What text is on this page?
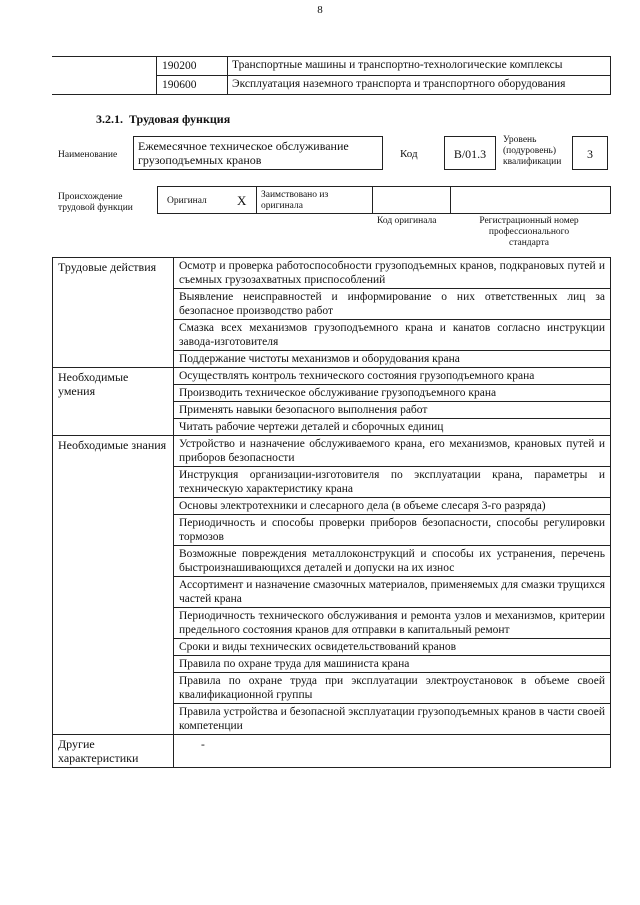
8
	190200	Транспортные машины и транспортно-технологические комплексы
	190600	Эксплуатация наземного транспорта и транспортного оборудования
3.2.1. Трудовая функция
Наименование
Ежемесячное техническое обслуживание грузоподъемных кранов	Код	B/01.3
Уровень (подуровень) квалификации
3
Происхождение трудовой функции
Оригинал X Заимствовано из оригинала
Код оригинала	Регистрационный номер профессионального стандарта
Трудовые действия	Осмотр и проверка работоспособности грузоподъемных кранов, подкрановых путей и съемных грузозахватных приспособлений
	Выявление неисправностей и информирование о них ответственных лиц за безопасное производство работ
	Смазка всех механизмов грузоподъемного крана и канатов согласно инструкции завода-изготовителя
	Поддержание чистоты механизмов и оборудования крана
Необходимые умения	Осуществлять контроль технического состояния грузоподъемного крана
	Производить техническое обслуживание грузоподъемного крана
	Применять навыки безопасного выполнения работ
	Читать рабочие чертежи деталей и сборочных единиц
Необходимые знания	Устройство и назначение обслуживаемого крана, его механизмов, крановых путей и приборов безопасности
	Инструкция организации-изготовителя по эксплуатации крана, параметры и техническую характеристику крана
	Основы электротехники и слесарного дела (в объеме слесаря 3-го разряда)
	Периодичность и способы проверки приборов безопасности, способы регулировки тормозов
	Возможные повреждения металлоконструкций и способы их устранения, перечень быстроизнашивающихся деталей и допуски на их износ
	Ассортимент и назначение смазочных материалов, применяемых для смазки трущихся частей крана
	Периодичность технического обслуживания и ремонта узлов и механизмов, критерии предельного состояния кранов для отправки в капитальный ремонт
	Сроки и виды технических освидетельствований кранов
	Правила по охране труда для машиниста крана
	Правила по охране труда при эксплуатации электроустановок в объеме своей квалификационной группы
	Правила устройства и безопасной эксплуатации грузоподъемных кранов в части своей компетенции
Другие характеристики	-
